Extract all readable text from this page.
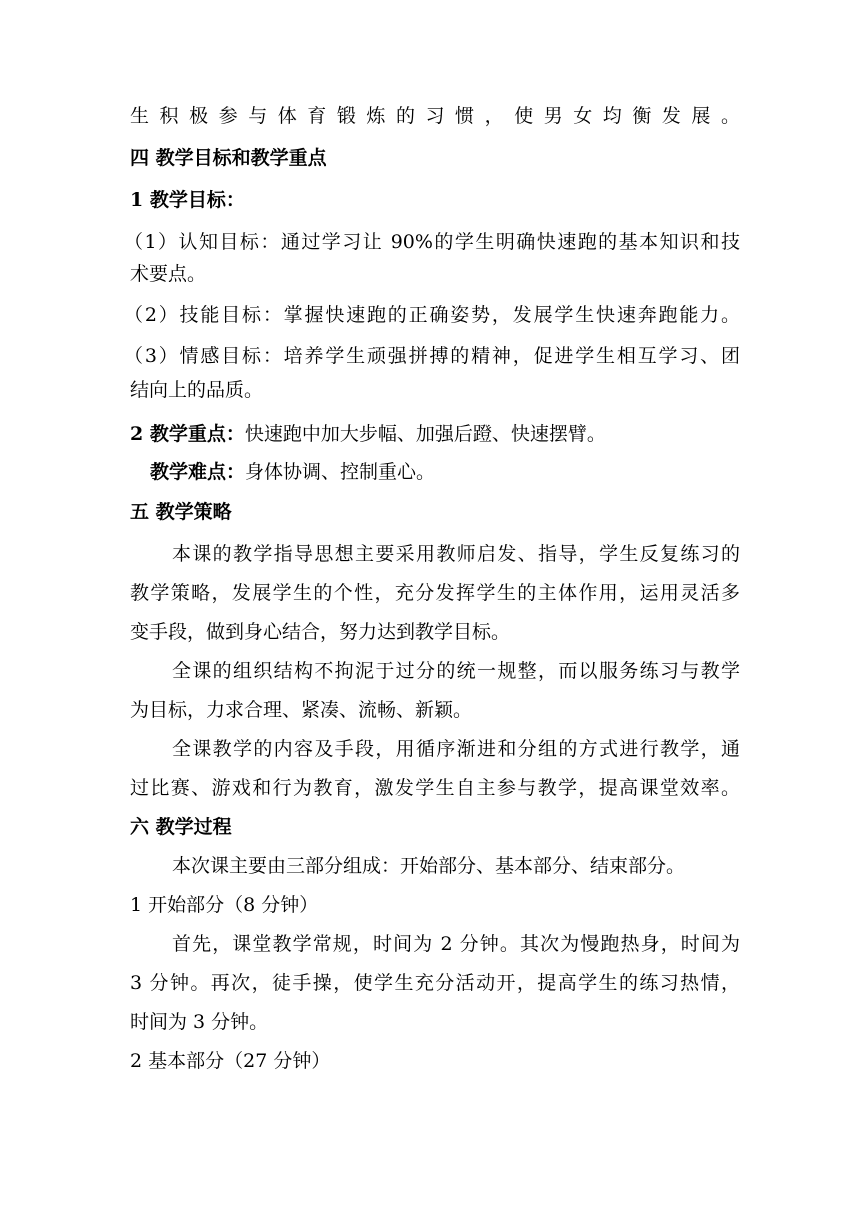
生积极参与体育锻炼的习惯，使男女均衡发展。
四 教学目标和教学重点
1 教学目标：
（1）认知目标：通过学习让 90%的学生明确快速跑的基本知识和技
术要点。
（2）技能目标：掌握快速跑的正确姿势，发展学生快速奔跑能力。
（3）情感目标：培养学生顽强拼搏的精神，促进学生相互学习、团
结向上的品质。
2 教学重点：快速跑中加大步幅、加强后蹬、快速摆臂。
教学难点：身体协调、控制重心。
五 教学策略
本课的教学指导思想主要采用教师启发、指导，学生反复练习的
教学策略，发展学生的个性，充分发挥学生的主体作用，运用灵活多
变手段，做到身心结合，努力达到教学目标。
全课的组织结构不拘泥于过分的统一规整，而以服务练习与教学
为目标，力求合理、紧凑、流畅、新颖。
全课教学的内容及手段，用循序渐进和分组的方式进行教学，通
过比赛、游戏和行为教育，激发学生自主参与教学，提高课堂效率。
六 教学过程
本次课主要由三部分组成：开始部分、基本部分、结束部分。
1 开始部分（8 分钟）
首先，课堂教学常规，时间为 2 分钟。其次为慢跑热身，时间为
3 分钟。再次，徒手操，使学生充分活动开，提高学生的练习热情，
时间为 3 分钟。
2 基本部分（27 分钟）
